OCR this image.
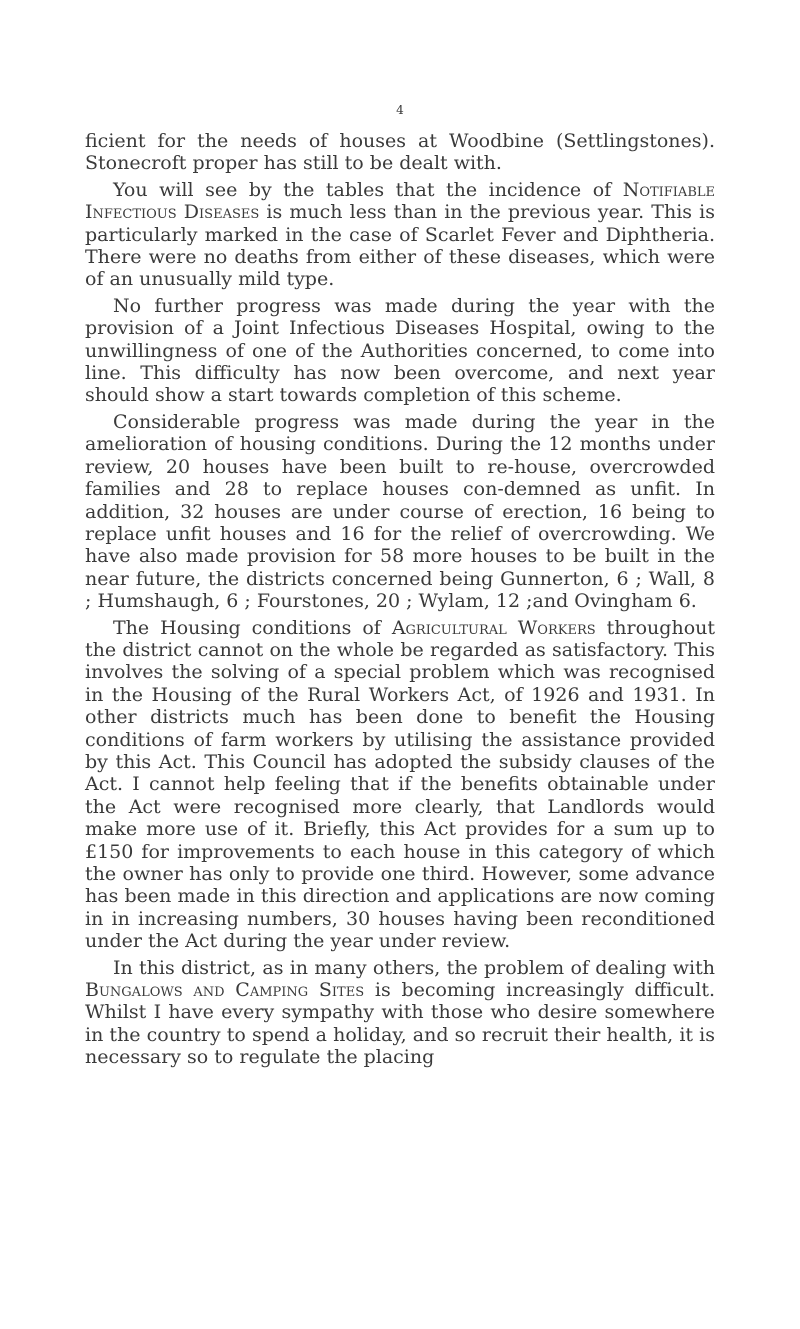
4

ficient for the needs of houses at Woodbine (Settlingstones). Stonecroft proper has still to be dealt with.

You will see by the tables that the incidence of Notifiable Infectious Diseases is much less than in the previous year. This is particularly marked in the case of Scarlet Fever and Diphtheria. There were no deaths from either of these diseases, which were of an unusually mild type.

No further progress was made during the year with the provision of a Joint Infectious Diseases Hospital, owing to the unwillingness of one of the Authorities concerned, to come into line. This difficulty has now been overcome, and next year should show a start towards completion of this scheme.

Considerable progress was made during the year in the amelioration of housing conditions. During the 12 months under review, 20 houses have been built to re-house, overcrowded families and 28 to replace houses con-demned as unfit. In addition, 32 houses are under course of erection, 16 being to replace unfit houses and 16 for the relief of overcrowding. We have also made provision for 58 more houses to be built in the near future, the districts concerned being Gunnerton, 6 ; Wall, 8 ; Humshaugh, 6 ; Fourstones, 20 ; Wylam, 12 ;and Ovingham 6.

The Housing conditions of Agricultural Workers throughout the district cannot on the whole be regarded as satisfactory. This involves the solving of a special problem which was recognised in the Housing of the Rural Workers Act, of 1926 and 1931. In other districts much has been done to benefit the Housing conditions of farm workers by utilising the assistance provided by this Act. This Council has adopted the subsidy clauses of the Act. I cannot help feeling that if the benefits obtainable under the Act were recognised more clearly, that Landlords would make more use of it. Briefly, this Act provides for a sum up to £150 for improvements to each house in this category of which the owner has only to provide one third. However, some advance has been made in this direction and applications are now coming in in increasing numbers, 30 houses having been reconditioned under the Act during the year under review.

In this district, as in many others, the problem of dealing with Bungalows and Camping Sites is becoming increasingly difficult. Whilst I have every sympathy with those who desire somewhere in the country to spend a holiday, and so recruit their health, it is necessary so to regulate the placing
